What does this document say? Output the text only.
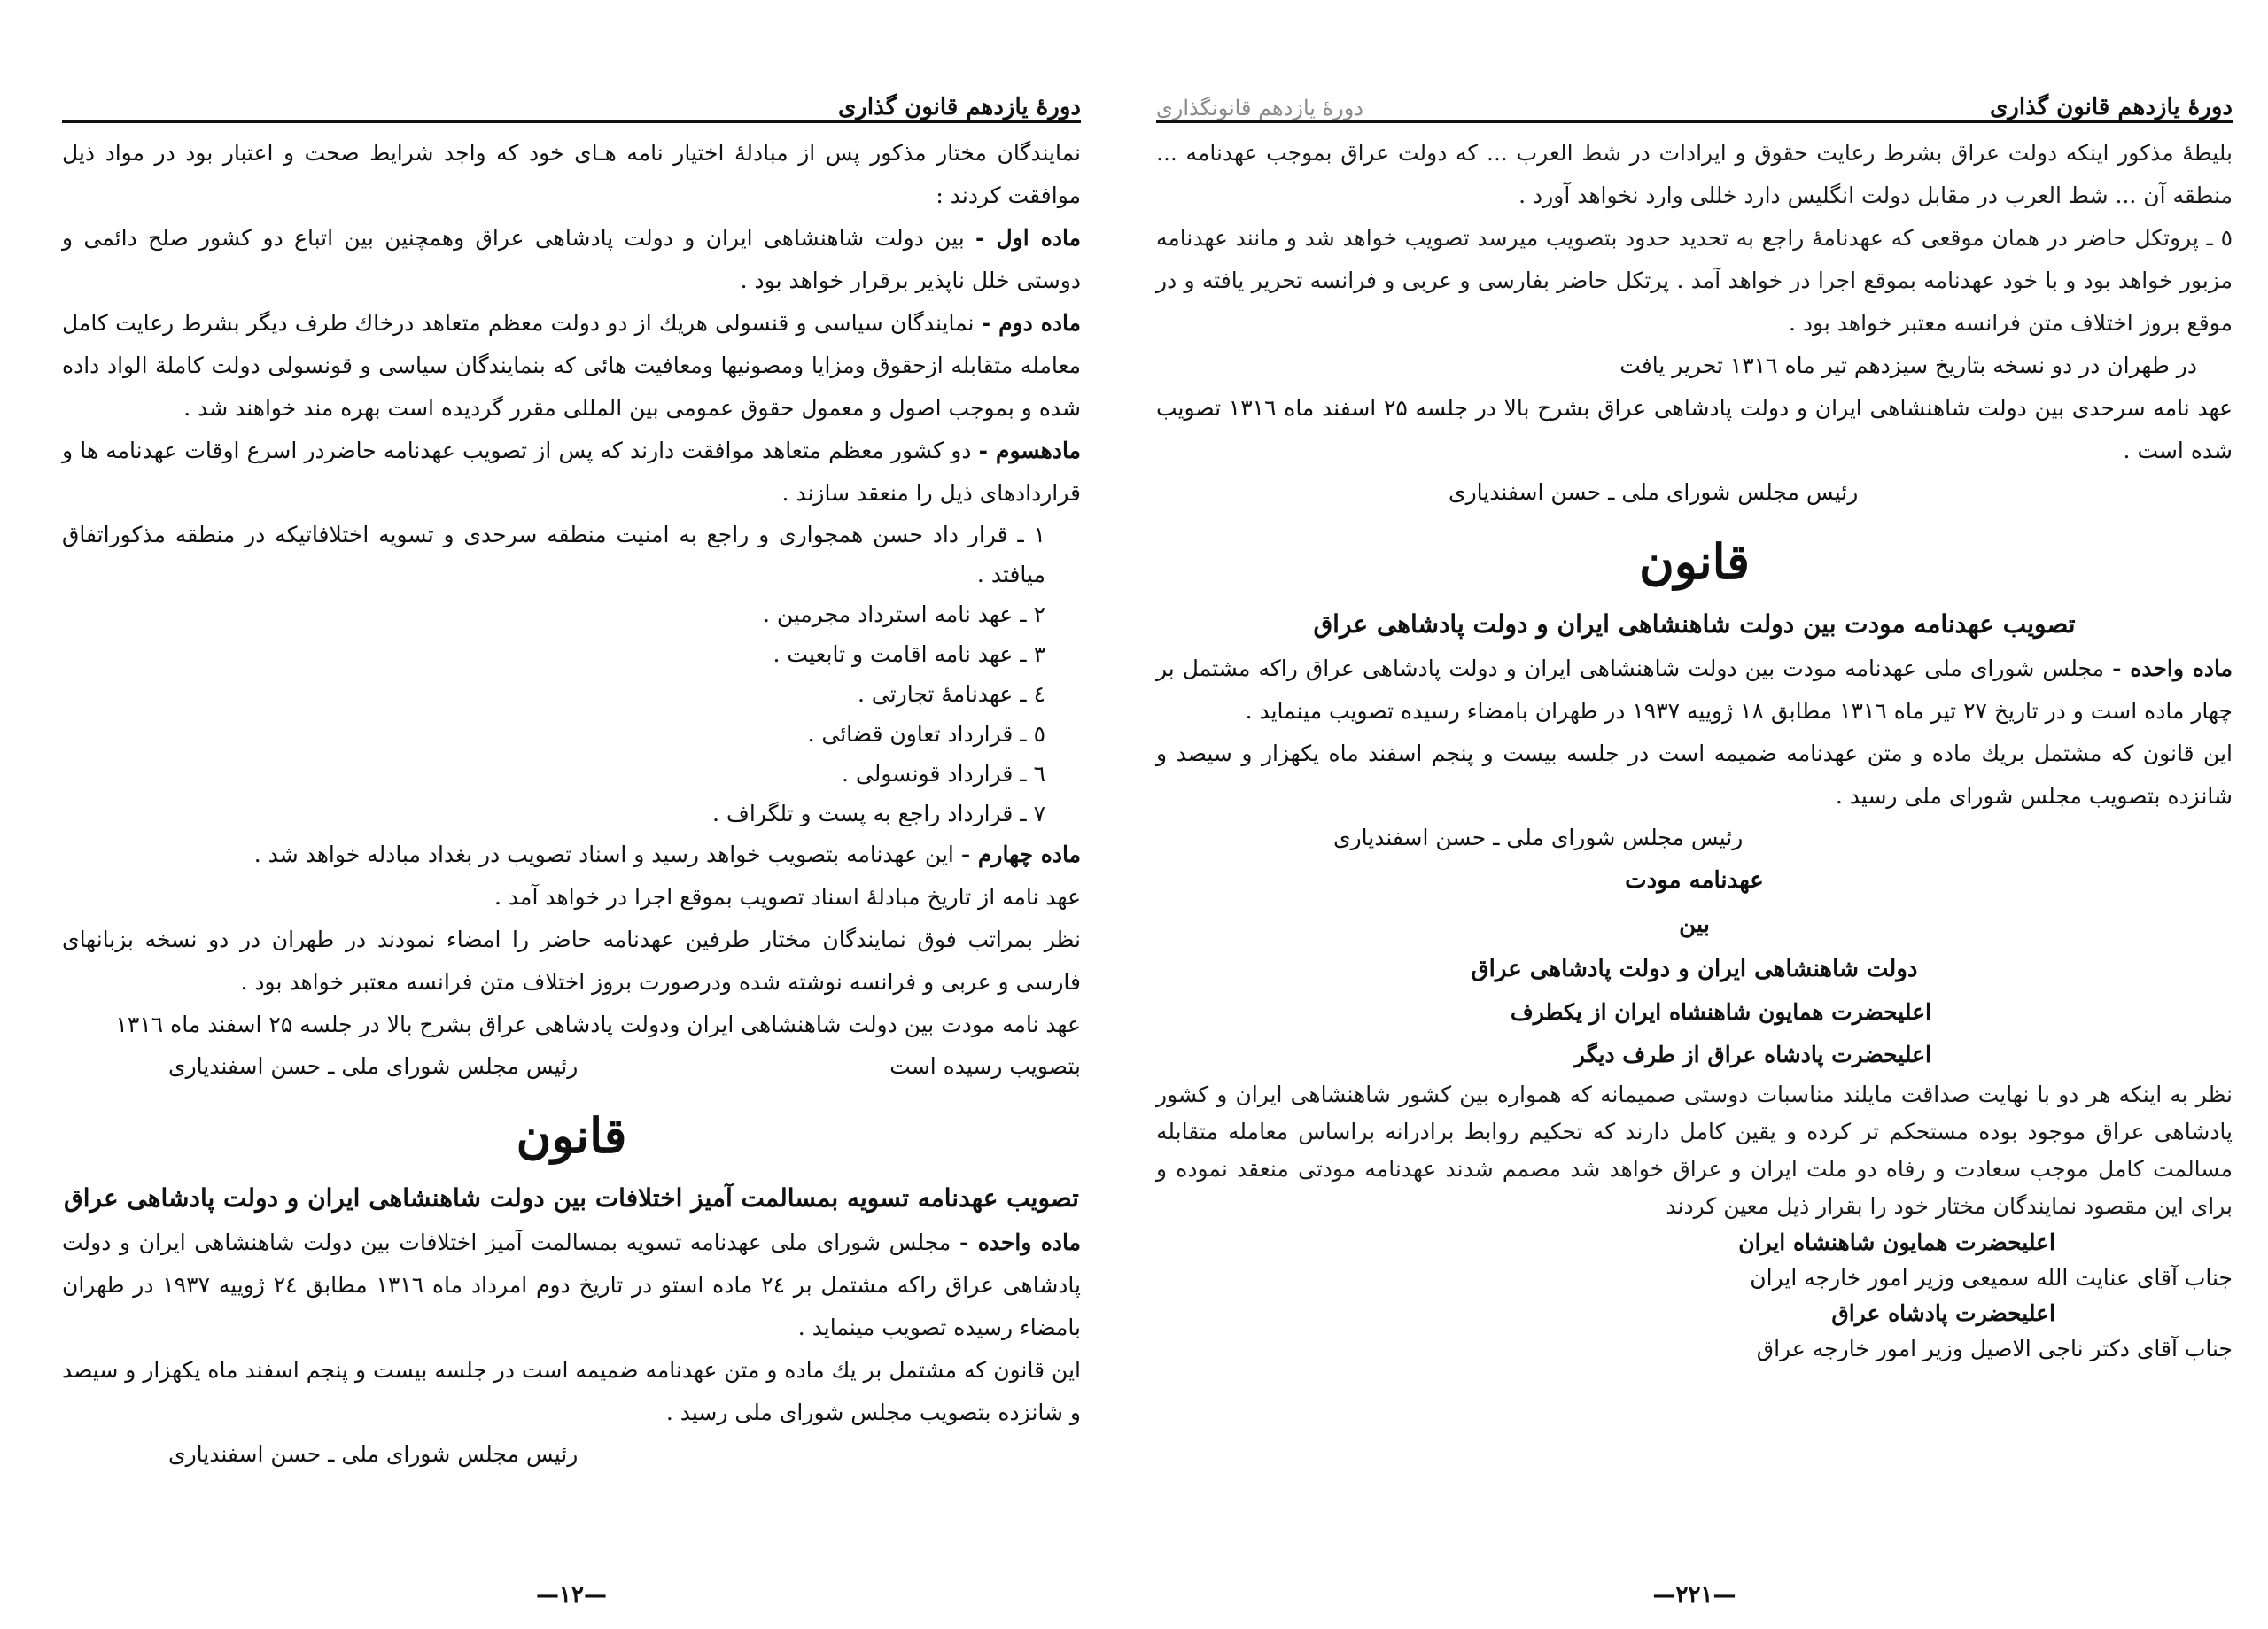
دورهٔ یازدهم قانون گذاری

نمایندگان مختار مذکور پس از مبادلهٔ اختیار نامه هـای خود که واجد شرایط صحت و اعتبار بود در مواد ذیل موافقت کردند :

ماده اول - بین دولت شاهنشاهی ایران و دولت پادشاهی عراق وهمچنین بین اتباع دو کشور صلح دائمی و دوستی خلل ناپذیر برقرار خواهد بود .

ماده دوم - نمایندگان سیاسی و قنسولی هریك از دو دولت معظم متعاهد درخاك طرف دیگر بشرط رعایت کامل معامله متقابله ازحقوق ومزایا ومصونیها ومعافیت هائی که بنمایندگان سیاسی و قونسولی دولت کاملة الواد داده شده و بموجب اصول و معمول حقوق عمومی بین المللی مقرر گردیده است بهره مند خواهند شد .

مادهسوم - دو کشور معظم متعاهد موافقت دارند که پس از تصویب عهدنامه حاضردر اسرع اوقات عهدنامه ها و قراردادهای ذیل را منعقد سازند .

۱ ـ قرار داد حسن همجواری و راجع به امنیت منطقه سرحدی و تسویه اختلافاتیکه در منطقه مذکوراتفاق میافتد .
۲ ـ عهد نامه استرداد مجرمین .
۳ ـ عهد نامه اقامت و تابعیت .
٤ ـ عهدنامهٔ تجارتی .
٥ ـ قرارداد تعاون قضائی .
٦ ـ قرارداد قونسولی .
۷ ـ قرارداد راجع به پست و تلگراف .

ماده چهارم - این عهدنامه بتصویب خواهد رسید و اسناد تصویب در بغداد مبادله خواهد شد .

عهد نامه از تاریخ مبادلهٔ اسناد تصویب بموقع اجرا در خواهد آمد .

نظر بمراتب فوق نمایندگان مختار طرفین عهدنامه حاضر را امضاء نمودند در طهران در دو نسخه بزبانهای فارسی و عربی و فرانسه نوشته شده ودرصورت بروز اختلاف متن فرانسه معتبر خواهد بود .

عهد نامه مودت بین دولت شاهنشاهی ایران ودولت پادشاهی عراق بشرح بالا در جلسه ۲۵ اسفند ماه ۱۳۱٦

بتصویب رسیده است
رئیس مجلس شورای ملی ـ حسن اسفندیاری
قانون
تصویب عهدنامه تسویه بمسالمت آمیز اختلافات بین دولت شاهنشاهی ایران و دولت پادشاهی عراق

ماده واحده - مجلس شورای ملی عهدنامه تسویه بمسالمت آمیز اختلافات بین دولت شاهنشاهی ایران و دولت پادشاهی عراق راکه مشتمل بر ۲٤ ماده استو در تاریخ دوم امرداد ماه ۱۳۱٦ مطابق ۲٤ ژوییه ۱۹۳۷ در طهران بامضاء رسیده تصویب مینماید .

این قانون که مشتمل بر یك ماده و متن عهدنامه ضمیمه است در جلسه بیست و پنجم اسفند ماه یکهزار و سیصد و شانزده بتصویب مجلس شورای ملی رسید .

رئیس مجلس شورای ملی ـ حسن اسفندیاری
—۱۲—
دورهٔ یازدهم قانون گذاری
دورهٔ یازدهم قانونگذاری

بلیطهٔ مذکور اینکه دولت عراق بشرط رعایت حقوق و ایرادات در شط العرب ... که دولت عراق بموجب عهدنامه ... منطقه آن ... شط العرب در مقابل دولت انگلیس دارد خللی وارد نخواهد آورد .

٥ ـ پروتکل حاضر در همان موقعی که عهدنامهٔ راجع به تحدید حدود بتصویب میرسد تصویب خواهد شد و مانند عهدنامه مزبور خواهد بود و با خود عهدنامه بموقع اجرا در خواهد آمد . پرتکل حاضر بفارسی و عربی و فرانسه تحریر یافته و در موقع بروز اختلاف متن فرانسه معتبر خواهد بود .

در طهران در دو نسخه بتاریخ سیزدهم تیر ماه ۱۳۱٦ تحریر یافت

عهد نامه سرحدی بین دولت شاهنشاهی ایران و دولت پادشاهی عراق بشرح بالا در جلسه ۲۵ اسفند ماه ۱۳۱٦ تصویب شده است .

رئیس مجلس شورای ملی ـ حسن اسفندیاری
قانون
تصویب عهدنامه مودت بین دولت شاهنشاهی ایران و دولت پادشاهی عراق

ماده واحده - مجلس شورای ملی عهدنامه مودت بین دولت شاهنشاهی ایران و دولت پادشاهی عراق راکه مشتمل بر چهار ماده است و در تاریخ ۲۷ تیر ماه ۱۳۱٦ مطابق ۱۸ ژوییه ۱۹۳۷ در طهران بامضاء رسیده تصویب مینماید .

این قانون که مشتمل بریك ماده و متن عهدنامه ضمیمه است در جلسه بیست و پنجم اسفند ماه یکهزار و سیصد و شانزده بتصویب مجلس شورای ملی رسید .

رئیس مجلس شورای ملی ـ حسن اسفندیاری
عهدنامه مودت
بین
دولت شاهنشاهی ایران و دولت پادشاهی عراق

اعلیحضرت همایون شاهنشاه ایران از یکطرف

اعلیحضرت پادشاه عراق از طرف دیگر

نظر به اینکه هر دو با نهایت صداقت مایلند مناسبات دوستی صمیمانه که همواره بین کشور شاهنشاهی ایران و کشور پادشاهی عراق موجود بوده مستحکم تر کرده و یقین کامل دارند که تحکیم روابط برادرانه براساس معامله متقابله مسالمت کامل موجب سعادت و رفاه دو ملت ایران و عراق خواهد شد مصمم شدند عهدنامه مودتی منعقد نموده و برای این مقصود نمایندگان مختار خود را بقرار ذیل معین کردند

اعلیحضرت همایون شاهنشاه ایران

جناب آقای عنایت الله سمیعی وزیر امور خارجه ایران

اعلیحضرت پادشاه عراق

جناب آقای دکتر ناجی الاصیل وزیر امور خارجه عراق

—۲۲۱—
